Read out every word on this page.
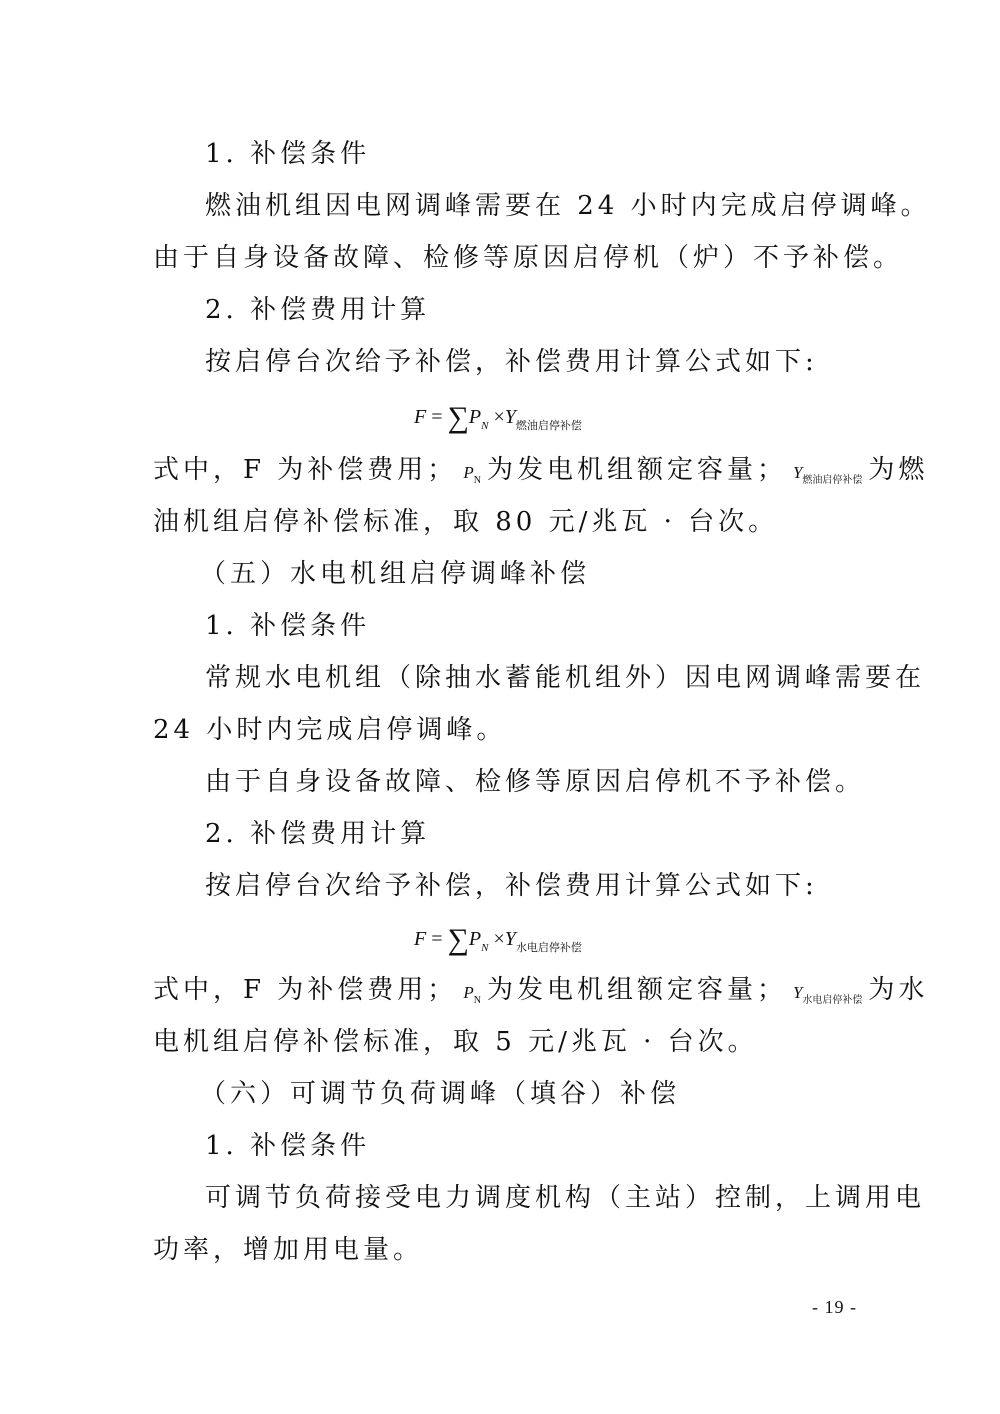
1. 补偿条件
燃油机组因电网调峰需要在 24 小时内完成启停调峰。
由于自身设备故障、检修等原因启停机（炉）不予补偿。
2. 补偿费用计算
按启停台次给予补偿，补偿费用计算公式如下:
$F = \sum P_N \times Y_{燃油启停补偿}$
式中，F 为补偿费用； $P_N$ 为发电机组额定容量； $Y_{燃油启停补偿}$ 为燃
油机组启停补偿标准，取 80 元/兆瓦 · 台次。
（五）水电机组启停调峰补偿
1. 补偿条件
常规水电机组（除抽水蓄能机组外）因电网调峰需要在
24 小时内完成启停调峰。
由于自身设备故障、检修等原因启停机不予补偿。
2. 补偿费用计算
按启停台次给予补偿，补偿费用计算公式如下:
$F = \sum P_N \times Y_{水电启停补偿}$
式中，F 为补偿费用； $P_N$ 为发电机组额定容量； $Y_{水电启停补偿}$ 为水
电机组启停补偿标准，取 5 元/兆瓦 · 台次。
（六）可调节负荷调峰（填谷）补偿
1. 补偿条件
可调节负荷接受电力调度机构（主站）控制，上调用电
功率，增加用电量。
- 19 -
